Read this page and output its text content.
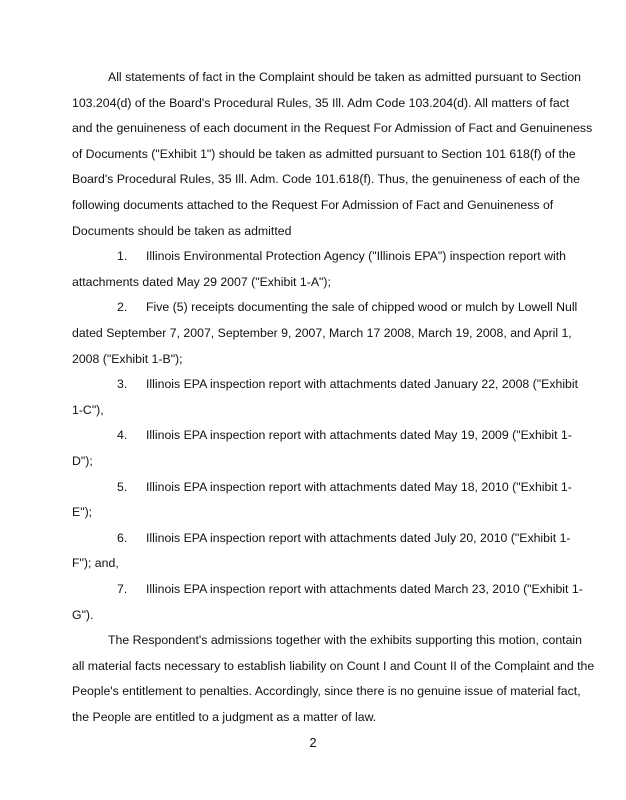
All statements of fact in the Complaint should be taken as admitted pursuant to Section
103.204(d) of the Board's Procedural Rules, 35 Ill. Adm Code 103.204(d). All matters of fact
and the genuineness of each document in the Request For Admission of Fact and Genuineness
of Documents ("Exhibit 1") should be taken as admitted pursuant to Section 101 618(f) of the
Board's Procedural Rules, 35 Ill. Adm. Code 101.618(f). Thus, the genuineness of each of the
following documents attached to the Request For Admission of Fact and Genuineness of
Documents should be taken as admitted
1. Illinois Environmental Protection Agency ("Illinois EPA") inspection report with
attachments dated May 29 2007 ("Exhibit 1-A");
2. Five (5) receipts documenting the sale of chipped wood or mulch by Lowell Null
dated September 7, 2007, September 9, 2007, March 17 2008, March 19, 2008, and April 1,
2008 ("Exhibit 1-B");
3. Illinois EPA inspection report with attachments dated January 22, 2008 ("Exhibit
1-C"),
4. Illinois EPA inspection report with attachments dated May 19, 2009 ("Exhibit 1-
D");
5. Illinois EPA inspection report with attachments dated May 18, 2010 ("Exhibit 1-
E");
6. Illinois EPA inspection report with attachments dated July 20, 2010 ("Exhibit 1-
F"); and,
7. Illinois EPA inspection report with attachments dated March 23, 2010 ("Exhibit 1-
G").
The Respondent's admissions together with the exhibits supporting this motion, contain
all material facts necessary to establish liability on Count I and Count II of the Complaint and the
People's entitlement to penalties. Accordingly, since there is no genuine issue of material fact,
the People are entitled to a judgment as a matter of law.
2
